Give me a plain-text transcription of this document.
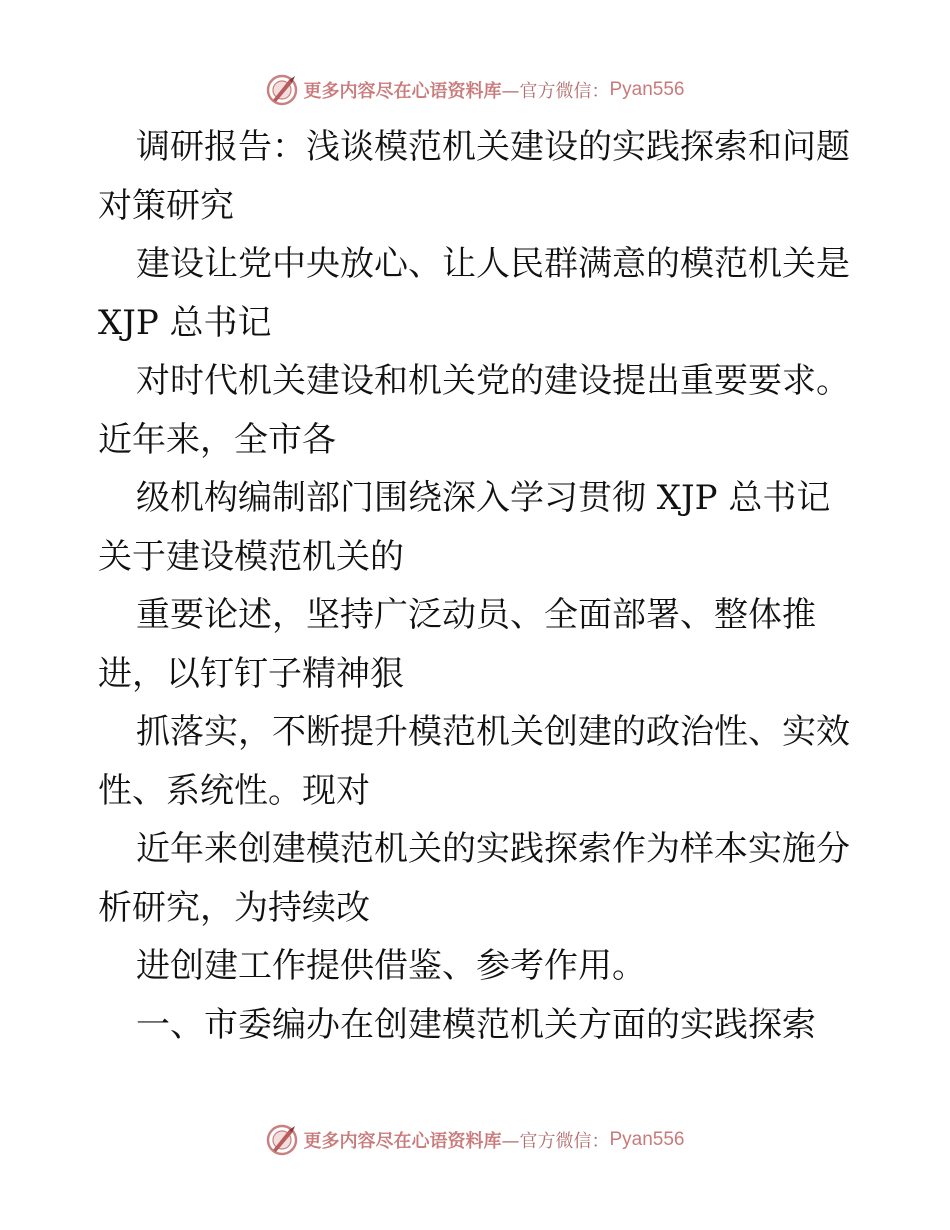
更多内容尽在心语资料库 —官方微信： Pyan556
调研报告：浅谈模范机关建设的实践探索和问题
对策研究
建设让党中央放心、让人民群满意的模范机关是
XJP 总书记
对时代机关建设和机关党的建设提出重要要求。
近年来，全市各
级机构编制部门围绕深入学习贯彻 XJP 总书记
关于建设模范机关的
重要论述，坚持广泛动员、全面部署、整体推
进，以钉钉子精神狠
抓落实，不断提升模范机关创建的政治性、实效
性、系统性。现对
近年来创建模范机关的实践探索作为样本实施分
析研究，为持续改
进创建工作提供借鉴、参考作用。
一、市委编办在创建模范机关方面的实践探索
更多内容尽在心语资料库 —官方微信： Pyan556
